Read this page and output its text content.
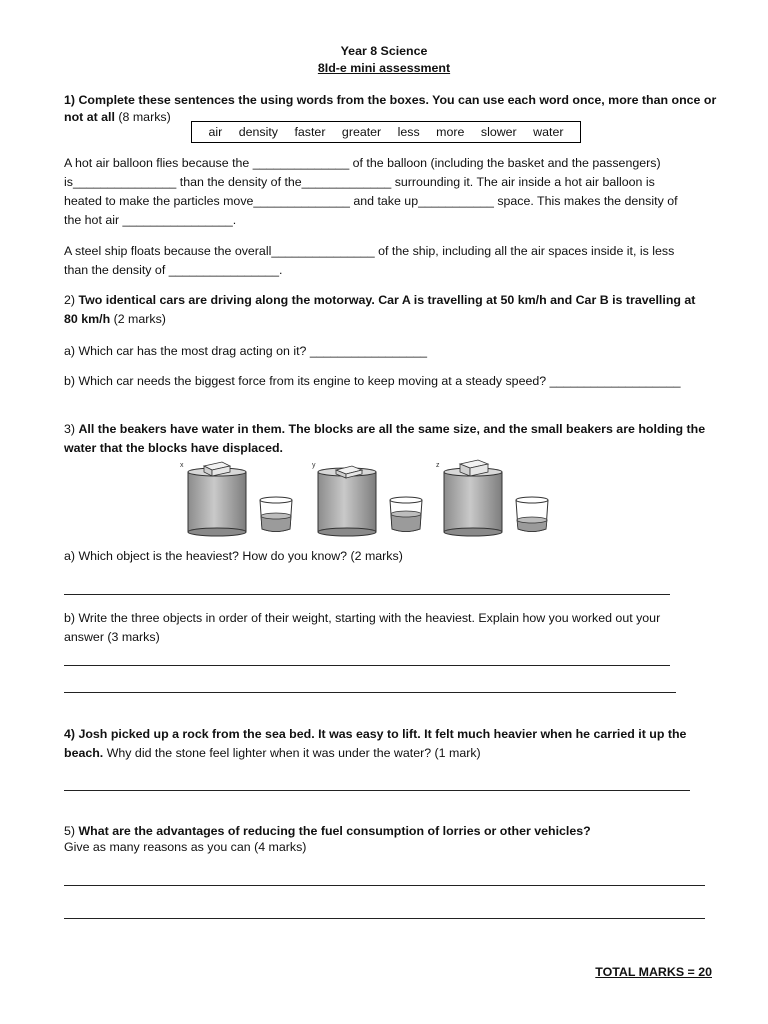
Year 8 Science
8Id-e mini assessment
1) Complete these sentences the using words from the boxes. You can use each word once, more than once or
not at all (8 marks)
air density faster greater less more slower water
A hot air balloon flies because the ______________ of the balloon (including the basket and the passengers)
is_______________ than the density of the_____________ surrounding it. The air inside a hot air balloon is
heated to make the particles move______________ and take up___________ space. This makes the density of
the hot air ________________.
A steel ship floats because the overall_______________ of the ship, including all the air spaces inside it, is less
than the density of ________________.
2) Two identical cars are driving along the motorway. Car A is travelling at 50 km/h and Car B is travelling at
80 km/h (2 marks)
a) Which car has the most drag acting on it? _________________
b) Which car needs the biggest force from its engine to keep moving at a steady speed? ___________________
3) All the beakers have water in them. The blocks are all the same size, and the small beakers are holding the
water that the blocks have displaced.
x	y	z
a) Which object is the heaviest? How do you know? (2 marks)
b) Write the three objects in order of their weight, starting with the heaviest. Explain how you worked out your
answer (3 marks)
4) Josh picked up a rock from the sea bed. It was easy to lift. It felt much heavier when he carried it up the
beach. Why did the stone feel lighter when it was under the water? (1 mark)
5) What are the advantages of reducing the fuel consumption of lorries or other vehicles?
Give as many reasons as you can (4 marks)
TOTAL MARKS = 20
